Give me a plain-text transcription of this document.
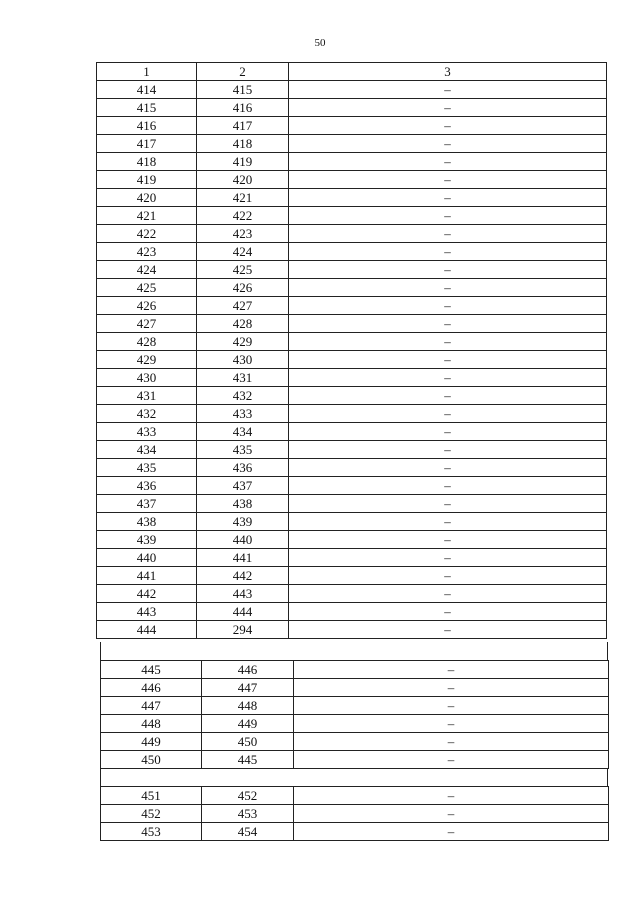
50
1	2	3
414	415	–
415	416	–
416	417	–
417	418	–
418	419	–
419	420	–
420	421	–
421	422	–
422	423	–
423	424	–
424	425	–
425	426	–
426	427	–
427	428	–
428	429	–
429	430	–
430	431	–
431	432	–
432	433	–
433	434	–
434	435	–
435	436	–
436	437	–
437	438	–
438	439	–
439	440	–
440	441	–
441	442	–
442	443	–
443	444	–
444	294	–
445	446	–
446	447	–
447	448	–
448	449	–
449	450	–
450	445	–
451	452	–
452	453	–
453	454	–
